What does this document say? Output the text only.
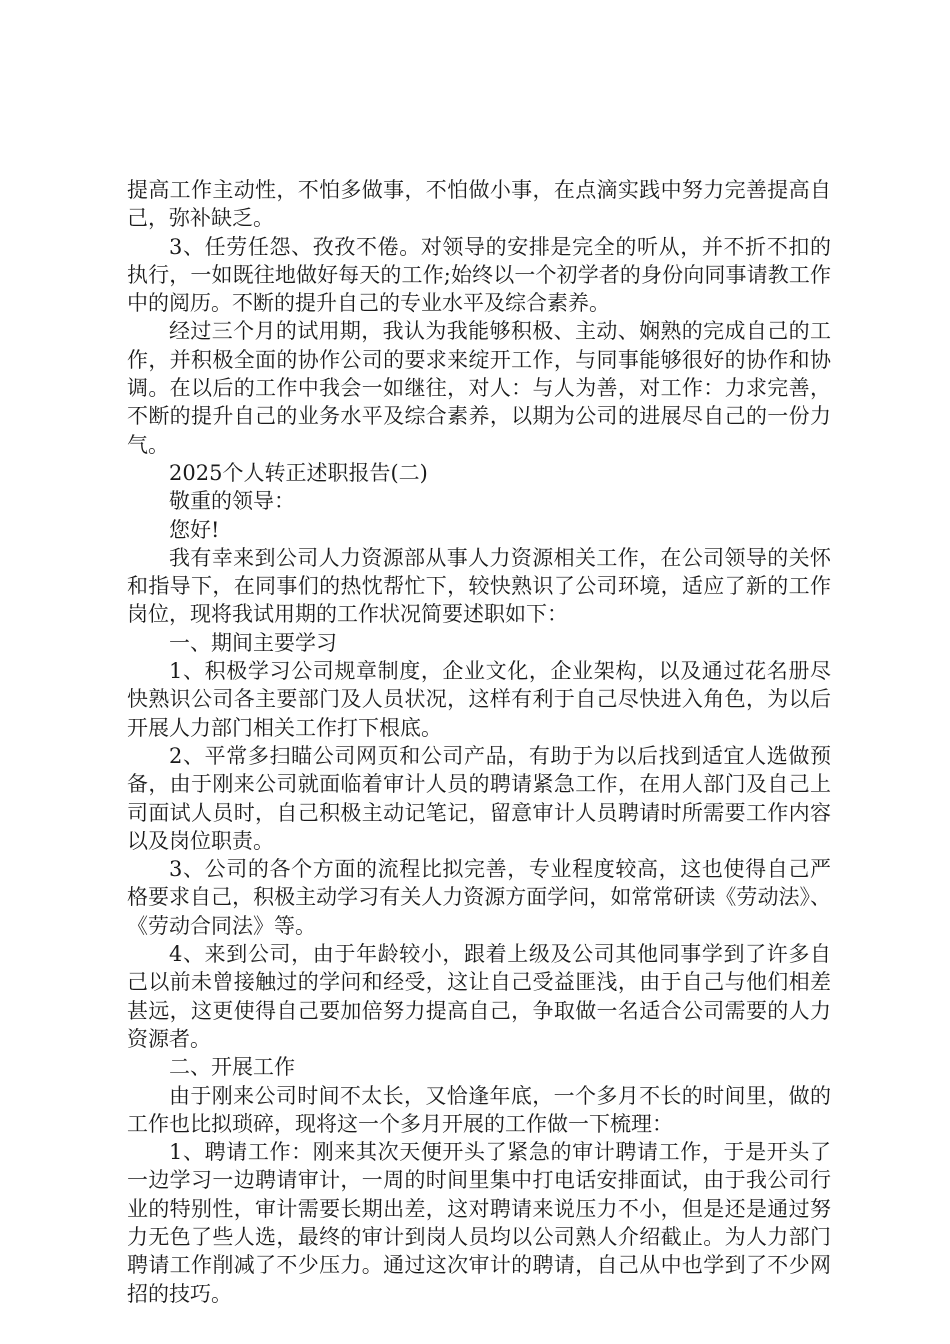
提高工作主动性，不怕多做事，不怕做小事，在点滴实践中努力完善提高自己，弥补缺乏。

3、任劳任怨、孜孜不倦。对领导的安排是完全的听从，并不折不扣的执行，一如既往地做好每天的工作;始终以一个初学者的身份向同事请教工作中的阅历。不断的提升自己的专业水平及综合素养。

经过三个月的试用期，我认为我能够积极、主动、娴熟的完成自己的工作，并积极全面的协作公司的要求来绽开工作，与同事能够很好的协作和协调。在以后的工作中我会一如继往，对人：与人为善，对工作：力求完善，不断的提升自己的业务水平及综合素养，以期为公司的进展尽自己的一份力气。

2025个人转正述职报告(二)

敬重的领导：

您好!

我有幸来到公司人力资源部从事人力资源相关工作，在公司领导的关怀和指导下，在同事们的热忱帮忙下，较快熟识了公司环境，适应了新的工作岗位，现将我试用期的工作状况简要述职如下：

一、期间主要学习

1、积极学习公司规章制度，企业文化，企业架构，以及通过花名册尽快熟识公司各主要部门及人员状况，这样有利于自己尽快进入角色，为以后开展人力部门相关工作打下根底。

2、平常多扫瞄公司网页和公司产品，有助于为以后找到适宜人选做预备，由于刚来公司就面临着审计人员的聘请紧急工作，在用人部门及自己上司面试人员时，自己积极主动记笔记，留意审计人员聘请时所需要工作内容以及岗位职责。

3、公司的各个方面的流程比拟完善，专业程度较高，这也使得自己严格要求自己，积极主动学习有关人力资源方面学问，如常常研读《劳动法》、《劳动合同法》等。

4、来到公司，由于年龄较小，跟着上级及公司其他同事学到了许多自己以前未曾接触过的学问和经受，这让自己受益匪浅，由于自己与他们相差甚远，这更使得自己要加倍努力提高自己，争取做一名适合公司需要的人力资源者。

二、开展工作

由于刚来公司时间不太长，又恰逢年底，一个多月不长的时间里，做的工作也比拟琐碎，现将这一个多月开展的工作做一下梳理：

1、聘请工作：刚来其次天便开头了紧急的审计聘请工作，于是开头了一边学习一边聘请审计，一周的时间里集中打电话安排面试，由于我公司行业的特别性，审计需要长期出差，这对聘请来说压力不小，但是还是通过努力无色了些人选，最终的审计到岗人员均以公司熟人介绍截止。为人力部门聘请工作削减了不少压力。通过这次审计的聘请，自己从中也学到了不少网招的技巧。
